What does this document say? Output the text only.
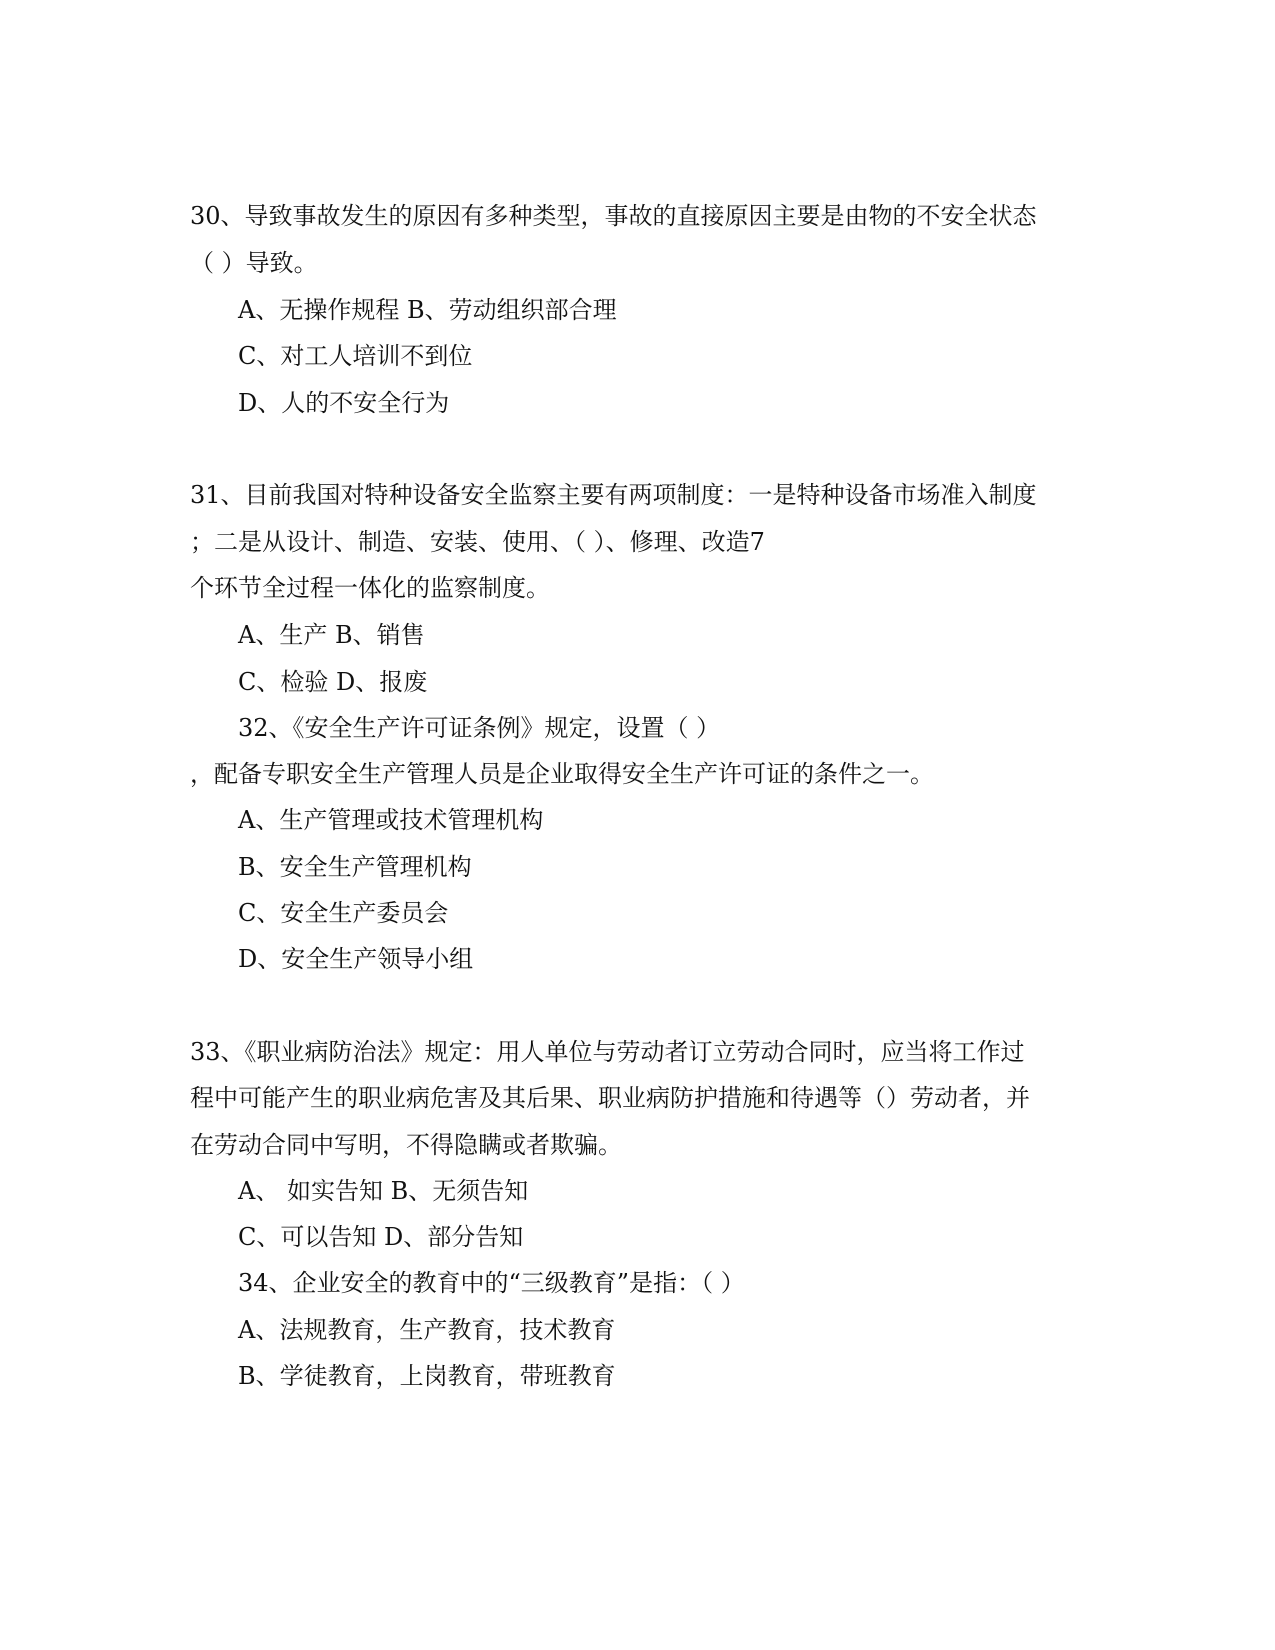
30、导致事故发生的原因有多种类型，事故的直接原因主要是由物的不安全状态
（ ）导致。
A、无操作规程 B、劳动组织部合理
C、对工人培训不到位
D、人的不安全行为
31、目前我国对特种设备安全监察主要有两项制度：一是特种设备市场准入制度
；二是从设计、制造、安装、使用、（ ）、修理、改造7
个环节全过程一体化的监察制度。
A、生产 B、销售
C、检验 D、报废
32、《安全生产许可证条例》规定，设置（ ）
，配备专职安全生产管理人员是企业取得安全生产许可证的条件之一。
A、生产管理或技术管理机构
B、安全生产管理机构
C、安全生产委员会
D、安全生产领导小组
33、《职业病防治法》规定：用人单位与劳动者订立劳动合同时，应当将工作过
程中可能产生的职业病危害及其后果、职业病防护措施和待遇等（）劳动者，并
在劳动合同中写明，不得隐瞒或者欺骗。
A、 如实告知 B、无须告知
C、可以告知 D、部分告知
34、企业安全的教育中的“三级教育”是指：（ ）
A、法规教育，生产教育，技术教育
B、学徒教育，上岗教育，带班教育
